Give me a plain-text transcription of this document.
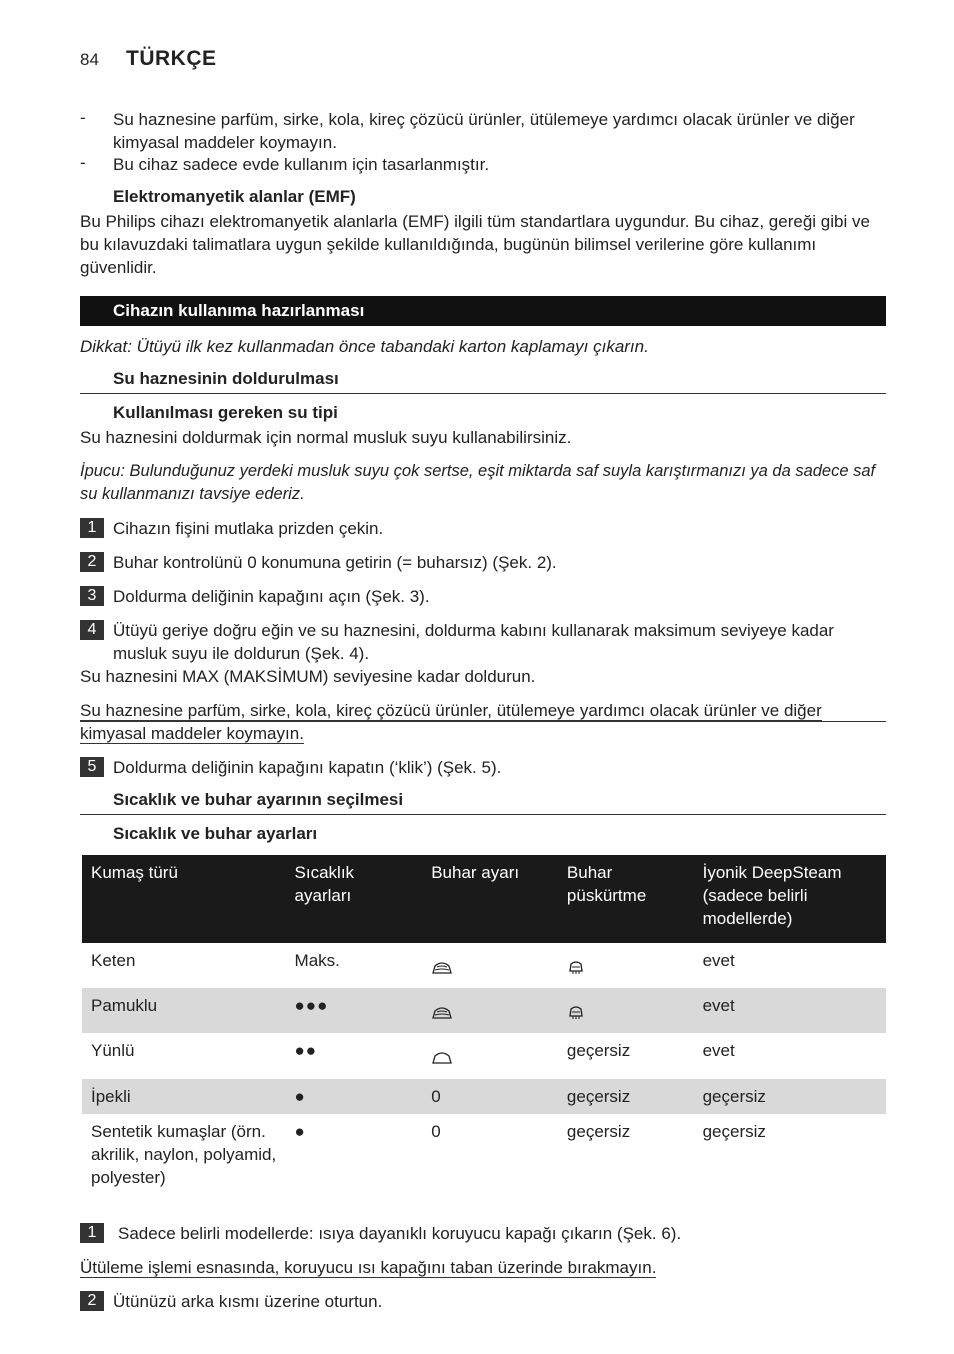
84 TÜRKÇE
- Su haznesine parfüm, sirke, kola, kireç çözücü ürünler, ütülemeye yardımcı olacak ürünler ve diğer kimyasal maddeler koymayın.
- Bu cihaz sadece evde kullanım için tasarlanmıştır.
Elektromanyetik alanlar (EMF)
Bu Philips cihazı elektromanyetik alanlarla (EMF) ilgili tüm standartlara uygundur. Bu cihaz, gereği gibi ve bu kılavuzdaki talimatlara uygun şekilde kullanıldığında, bugünün bilimsel verilerine göre kullanımı güvenlidir.
Cihazın kullanıma hazırlanması
Dikkat: Ütüyü ilk kez kullanmadan önce tabandaki karton kaplamayı çıkarın.
Su haznesinin doldurulması
Kullanılması gereken su tipi
Su haznesini doldurmak için normal musluk suyu kullanabilirsiniz.
İpucu: Bulunduğunuz yerdeki musluk suyu çok sertse, eşit miktarda saf suyla karıştırmanızı ya da sadece saf su kullanmanızı tavsiye ederiz.
1 Cihazın fişini mutlaka prizden çekin.
2 Buhar kontrolünü 0 konumuna getirin (= buharsız) (Şek. 2).
3 Doldurma deliğinin kapağını açın (Şek. 3).
4 Ütüyü geriye doğru eğin ve su haznesini, doldurma kabını kullanarak maksimum seviyeye kadar musluk suyu ile doldurun (Şek. 4).
Su haznesini MAX (MAKSİMUM) seviyesine kadar doldurun.
Su haznesine parfüm, sirke, kola, kireç çözücü ürünler, ütülemeye yardımcı olacak ürünler ve diğer
kimyasal maddeler koymayın.
5 Doldurma deliğinin kapağını kapatın (‘klik’) (Şek. 5).
Sıcaklık ve buhar ayarının seçilmesi
Sıcaklık ve buhar ayarları
Kumaş türü	Sıcaklık ayarları	Buhar ayarı	Buhar püskürtme	İyonik DeepSteam (sadece belirli modellerde)
Keten	Maks.			evet
Pamuklu	●●●			evet
Yünlü	●●		geçersiz	evet
İpekli	●	0	geçersiz	geçersiz
Sentetik kumaşlar (örn. akrilik, naylon, polyamid, polyester)	●	0	geçersiz	geçersiz
1	Sadece belirli modellerde: ısıya dayanıklı koruyucu kapağı çıkarın (Şek. 6).
Ütüleme işlemi esnasında, koruyucu ısı kapağını taban üzerinde bırakmayın.
2 Ütünüzü arka kısmı üzerine oturtun.
